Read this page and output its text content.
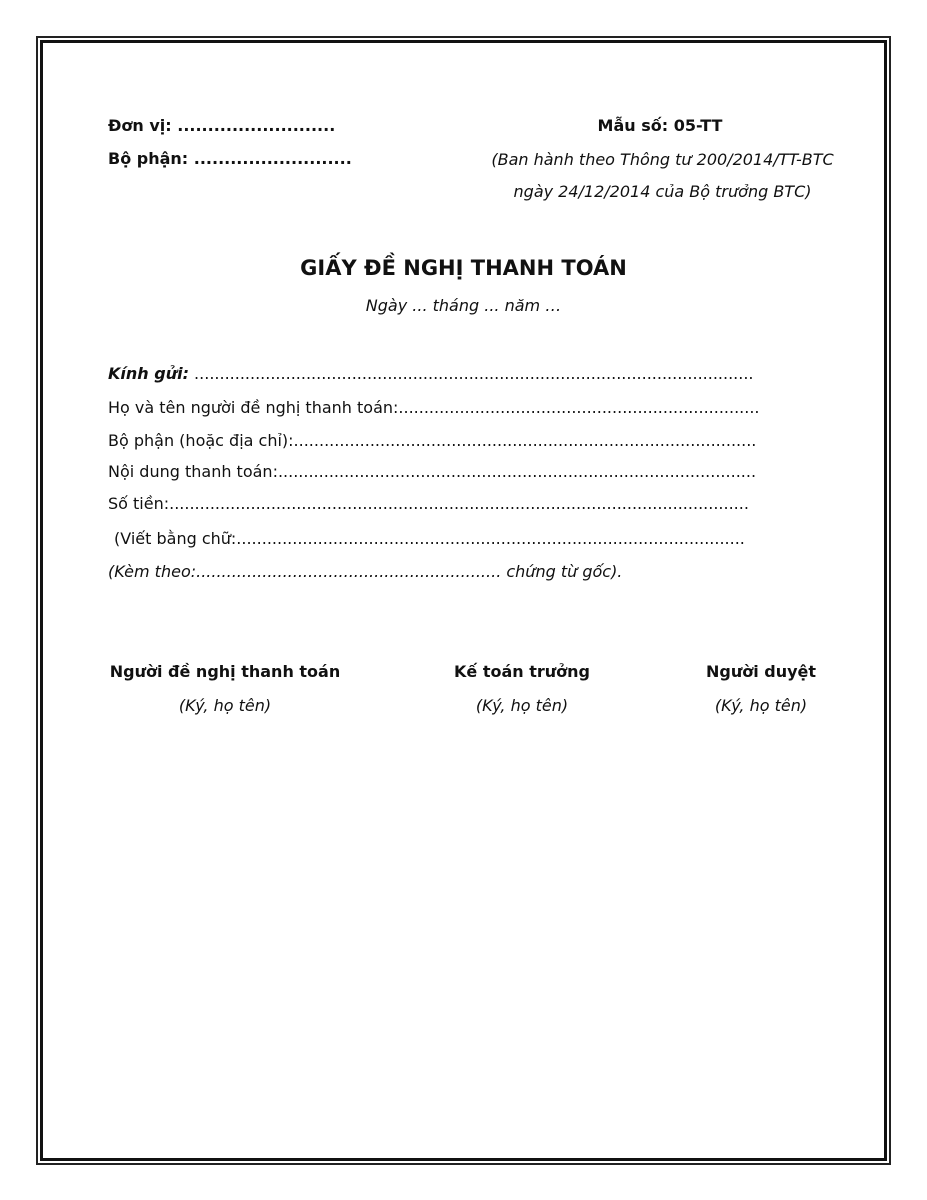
Đơn vị: ..........................
Bộ phận: ..........................
Mẫu số: 05-TT
(Ban hành theo Thông tư 200/2014/TT-BTC
ngày 24/12/2014 của Bộ trưởng BTC)
GIẤY ĐỀ NGHỊ THANH TOÁN
Ngày ... tháng ... năm …
Kính gửi: ..............................................................................................................
Họ và tên người đề nghị thanh toán:.......................................................................
Bộ phận (hoặc địa chỉ):...........................................................................................
Nội dung thanh toán:..............................................................................................
Số tiền:..................................................................................................................
(Viết bằng chữ:....................................................................................................
(Kèm theo:............................................................ chứng từ gốc).
Người đề nghị thanh toán
(Ký, họ tên)
Kế toán trưởng
(Ký, họ tên)
Người duyệt
(Ký, họ tên)
